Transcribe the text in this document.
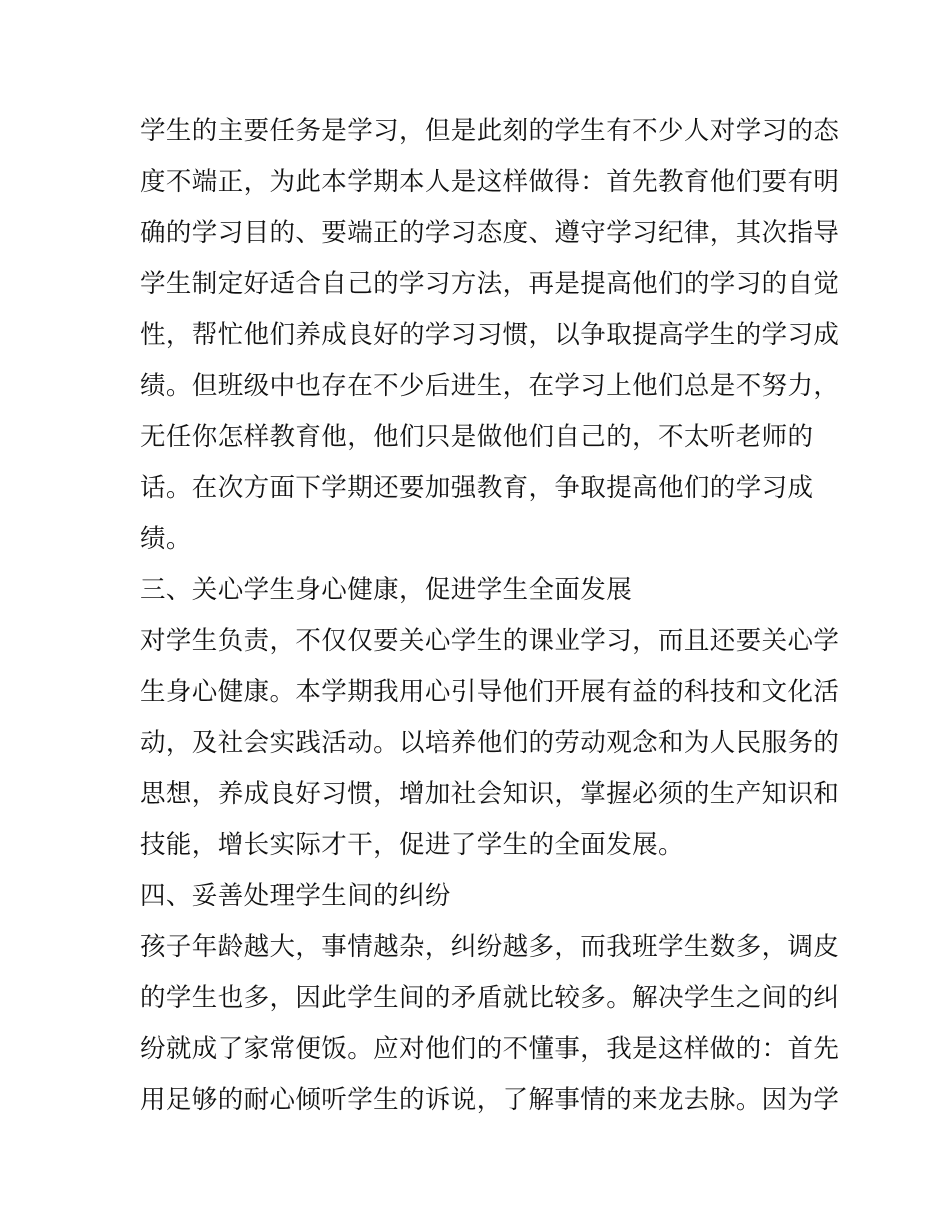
学生的主要任务是学习，但是此刻的学生有不少人对学习的态
度不端正，为此本学期本人是这样做得：首先教育他们要有明
确的学习目的、要端正的学习态度、遵守学习纪律，其次指导
学生制定好适合自己的学习方法，再是提高他们的学习的自觉
性，帮忙他们养成良好的学习习惯，以争取提高学生的学习成
绩。但班级中也存在不少后进生，在学习上他们总是不努力，
无任你怎样教育他，他们只是做他们自己的，不太听老师的
话。在次方面下学期还要加强教育，争取提高他们的学习成
绩。
三、关心学生身心健康，促进学生全面发展
对学生负责，不仅仅要关心学生的课业学习，而且还要关心学
生身心健康。本学期我用心引导他们开展有益的科技和文化活
动，及社会实践活动。以培养他们的劳动观念和为人民服务的
思想，养成良好习惯，增加社会知识，掌握必须的生产知识和
技能，增长实际才干，促进了学生的全面发展。
四、妥善处理学生间的纠纷
孩子年龄越大，事情越杂，纠纷越多，而我班学生数多，调皮
的学生也多，因此学生间的矛盾就比较多。解决学生之间的纠
纷就成了家常便饭。应对他们的不懂事，我是这样做的：首先
用足够的耐心倾听学生的诉说，了解事情的来龙去脉。因为学
